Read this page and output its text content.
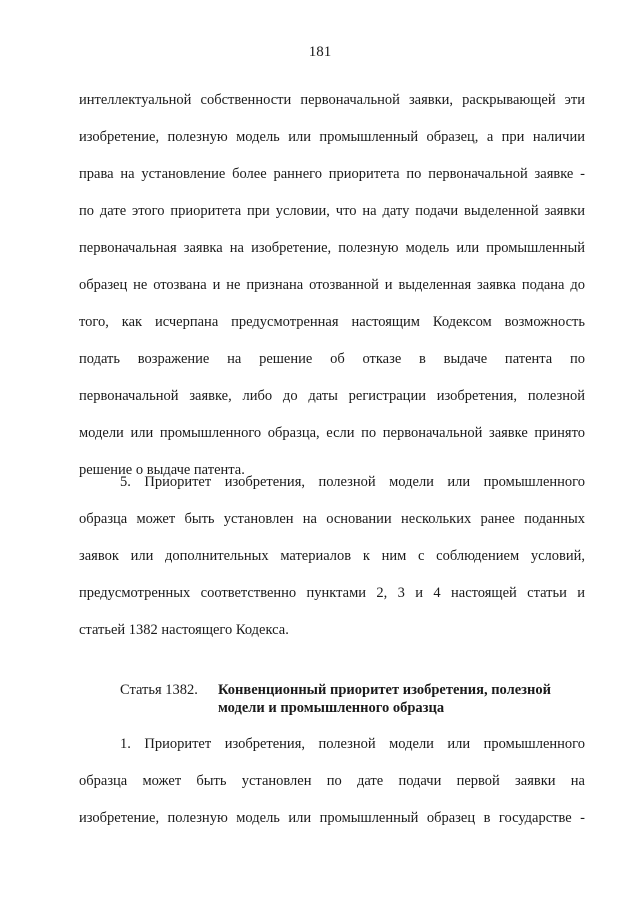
181
интеллектуальной собственности первоначальной заявки, раскрывающей эти
изобретение, полезную модель или промышленный образец, а при наличии
права на установление более раннего приоритета по первоначальной заявке -
по дате этого приоритета при условии, что на дату подачи выделенной заявки
первоначальная заявка на изобретение, полезную модель или промышленный
образец не отозвана и не признана отозванной и выделенная заявка подана до
того, как исчерпана предусмотренная настоящим Кодексом возможность
подать возражение на решение об отказе в выдаче патента по
первоначальной заявке, либо до даты регистрации изобретения, полезной
модели или промышленного образца, если по первоначальной заявке принято
решение о выдаче патента.
5. Приоритет изобретения, полезной модели или промышленного
образца может быть установлен на основании нескольких ранее поданных
заявок или дополнительных материалов к ним с соблюдением условий,
предусмотренных соответственно пунктами 2, 3 и 4 настоящей статьи и
статьей 1382 настоящего Кодекса.
Статья 1382. Конвенционный приоритет изобретения, полезной
модели и промышленного образца
1. Приоритет изобретения, полезной модели или промышленного
образца может быть установлен по дате подачи первой заявки на
изобретение, полезную модель или промышленный образец в государстве -
